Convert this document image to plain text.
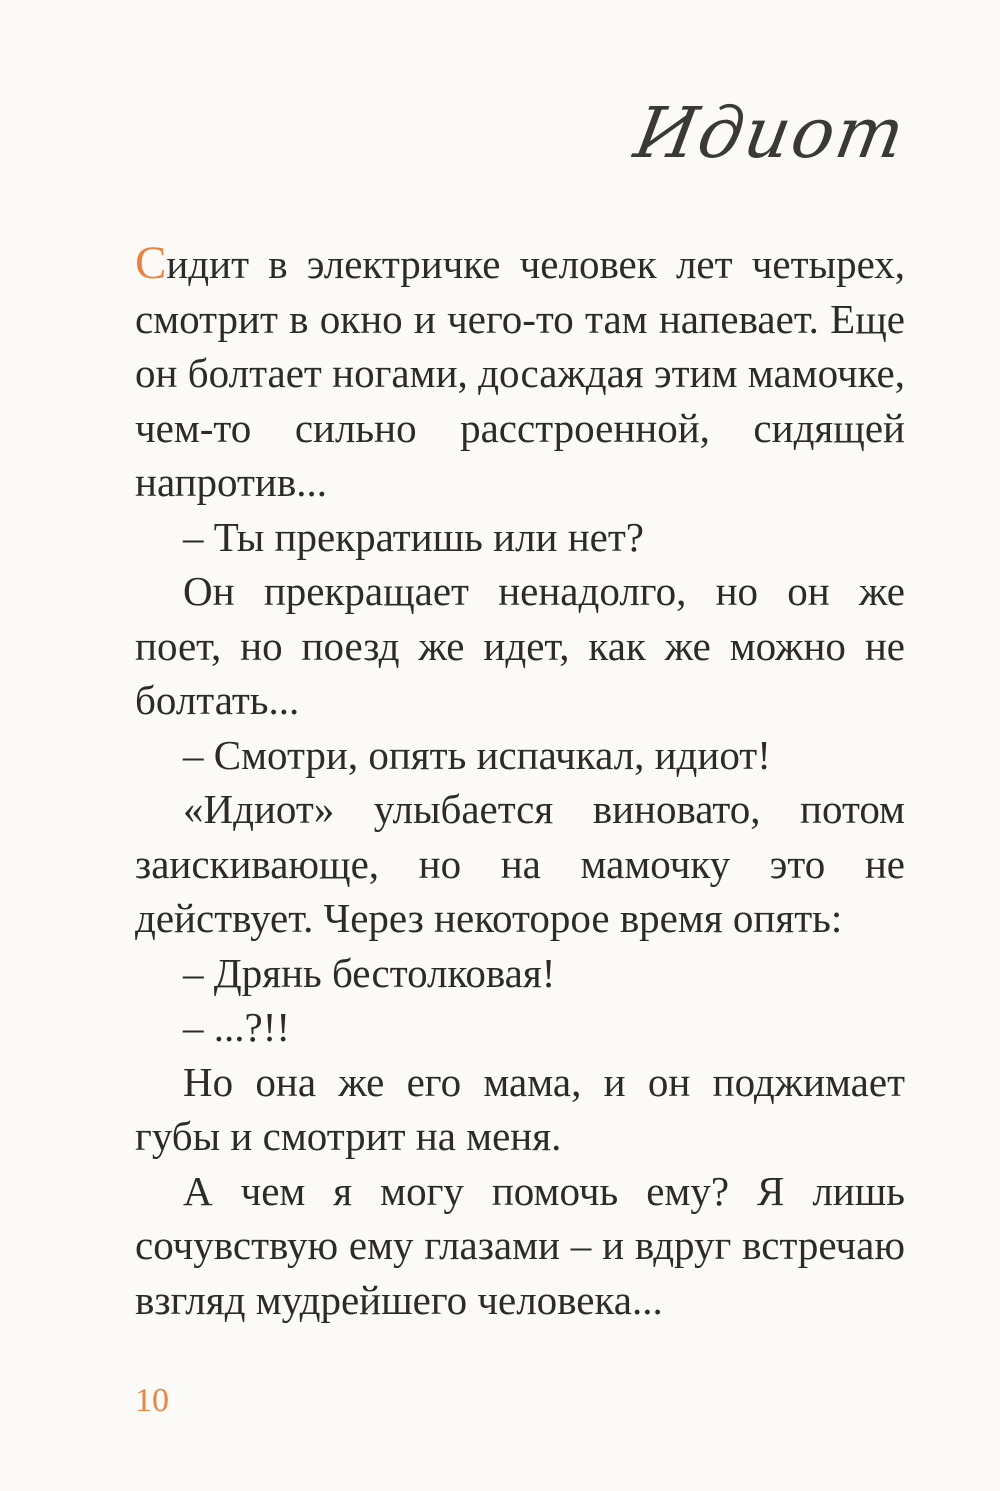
Идиот

Сидит в электричке человек лет четырех, смотрит в окно и чего-то там напевает. Еще он болтает ногами, досаждая этим мамочке, чем-то сильно расстроенной, сидящей напротив...

– Ты прекратишь или нет?

Он прекращает ненадолго, но он же поет, но поезд же идет, как же можно не болтать...

– Смотри, опять испачкал, идиот!

«Идиот» улыбается виновато, потом заискивающе, но на мамочку это не действует. Через некоторое время опять:

– Дрянь бестолковая!

– ...?!!

Но она же его мама, и он поджимает губы и смотрит на меня.

А чем я могу помочь ему? Я лишь сочувствую ему глазами – и вдруг встречаю взгляд мудрейшего человека...

10
